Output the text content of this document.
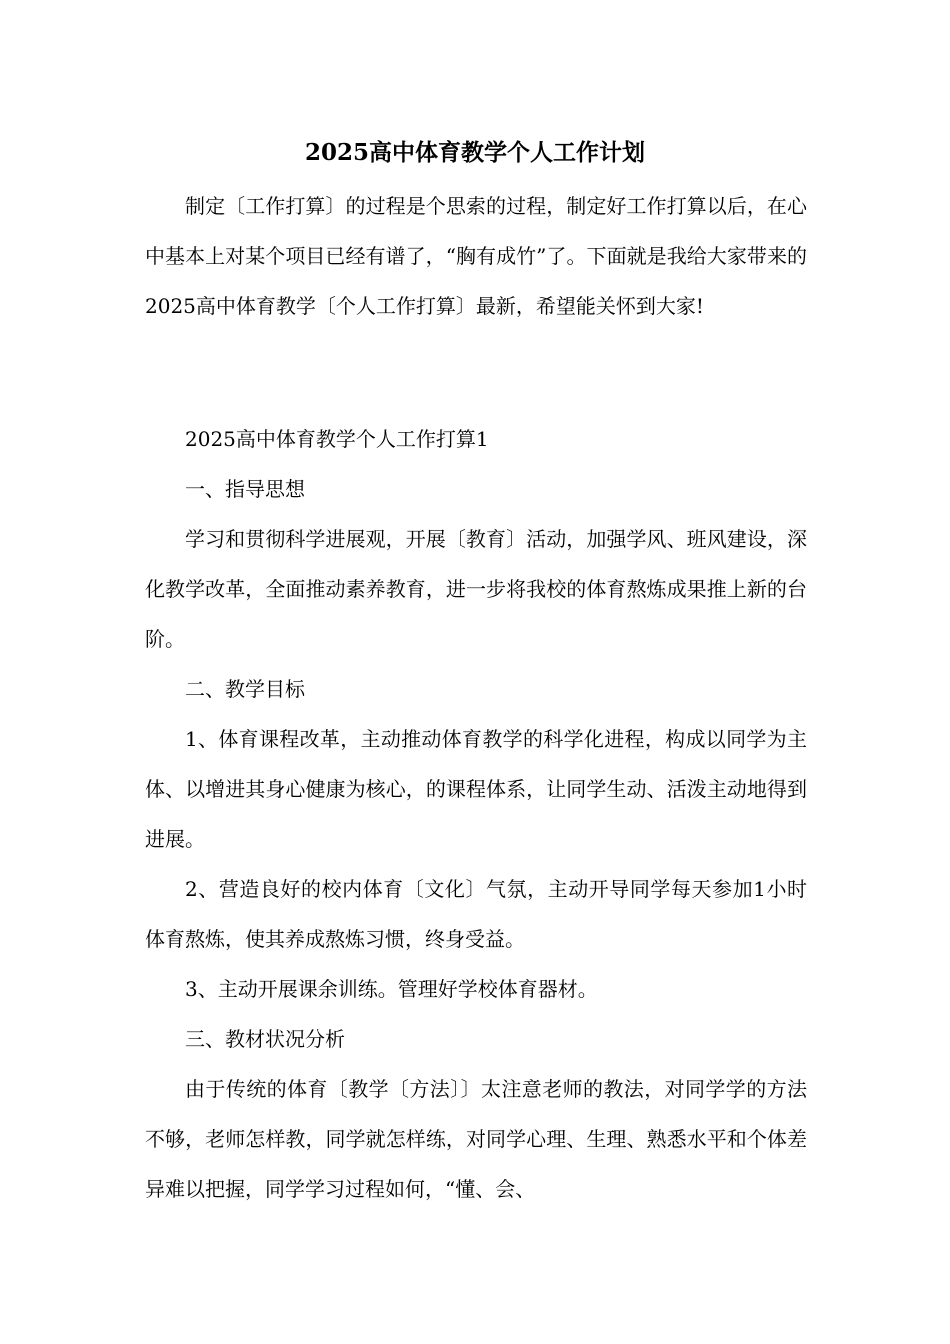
2025高中体育教学个人工作计划

制定〔工作打算〕的过程是个思索的过程，制定好工作打算以后，在心中基本上对某个项目已经有谱了，“胸有成竹”了。下面就是我给大家带来的2025高中体育教学〔个人工作打算〕最新，希望能关怀到大家!

2025高中体育教学个人工作打算1

一、指导思想

学习和贯彻科学进展观，开展〔教育〕活动，加强学风、班风建设，深化教学改革，全面推动素养教育，进一步将我校的体育熬炼成果推上新的台阶。

二、教学目标

1、体育课程改革，主动推动体育教学的科学化进程，构成以同学为主体、以增进其身心健康为核心，的课程体系，让同学生动、活泼主动地得到进展。

2、营造良好的校内体育〔文化〕气氛，主动开导同学每天参加1小时体育熬炼，使其养成熬炼习惯，终身受益。

3、主动开展课余训练。管理好学校体育器材。

三、教材状况分析

由于传统的体育〔教学〔方法〕〕太注意老师的教法，对同学学的方法不够，老师怎样教，同学就怎样练，对同学心理、生理、熟悉水平和个体差异难以把握，同学学习过程如何，“懂、会、
